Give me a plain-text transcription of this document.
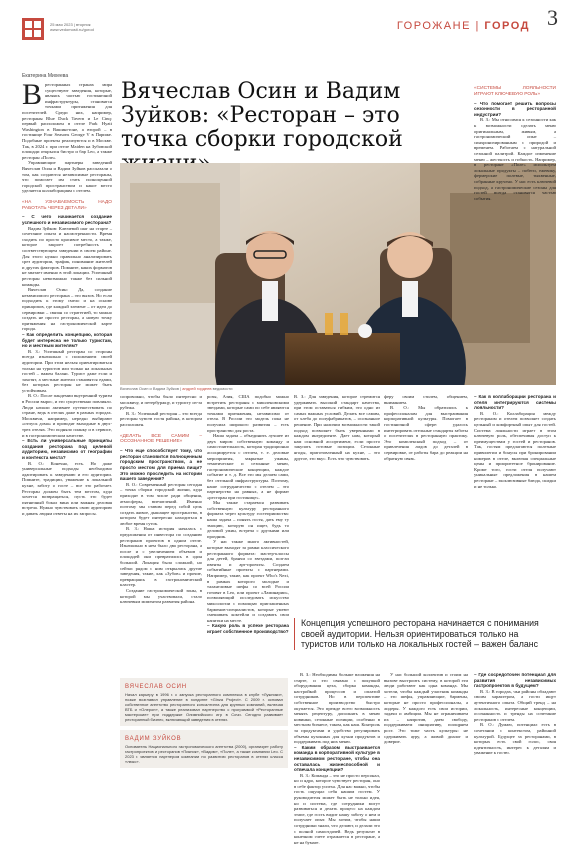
25 мая 2023 | вторник
www.vedomosti.ru/gorod	ГОРОЖАНЕ | ГОРОД 3
Екатерина Михеева
Вячеслав Осин и Вадим Зуйков: «Ресторан – это точка сборки городской
В ресторанных странах мира существуют заведения, которые, являясь частью гостиничной инфраструктуры, становятся точками притяжения для посетителей. Среди них, например, рестораны Blue Duck Tavern и Le Cinq: первый расположен в отеле Park Hyatt Washington в Вашингтоне, а второй – в гостинице Four Seasons George V в Париже. Подобные проекты реализуются и в Москве. Так, в 2024 г. при отеле Maiden на Зубовской площади открылся бистро и бар Leo, а также ресторан «Поле».

Управляющие партнеры заведений Вячеслав Осин и Вадим Зуйков рассказали о том, как создаются независимые рестораны, что помогает им стать полноценной городской пространством и какое место уделяется коллаборациям с отелем.

«НА УЗНАВАЕМОСТЬ НАДО РАБОТАТЬ ЧЕРЕЗ ДЕТАЛИ»

– С чего начинается создание успешного и независимого ресторана?

Вадим Зуйков: Ключевой шаг на старте – сочетание опыта и насмотренности. Время сходить по просто красивое место, а также, которое закроет потребность в соответствующем заведении в своем районе. Для этого нужно правильно анализировать срез аудитории, трафик, понимание жителей и других факторов. Помните, каких форматов не хватает именно в этой локации. Успешный ресторан невозможно также без сильной команды.

Вячеслав Осин: Да, создание независимого ресторана – это вызов. Но если подходить к этому смело и на основе принципов, где каждый элемент – от идеи до сервировки – связан со стратегией, то можно создать не просто ресторан, а новую точку притяжения на гастрономической карте города.

– Как определить концепцию, которая будет интересна не только туристам, но и местным жителям?

В. З.: Успешный ресторан со стороны всегда изначально с положением своей аудитории. При этом нельзя ориентироваться только на туристов или только на локальных гостей – важен баланс. Турист даже если и захотят, а местные жители становятся едами, без которых ресторан не может быть устойчивым.

В. О.: После пандемии внутренний туризм в России вырос, и это существенно повлияло. Люди начали активнее путешествовать по стране, ведь в отелях даже в разных городах. Москвичи, например, нередко выбирают «отпуск дома» и проводят выходные в двух-трех отелях. Это подняло планку и в сервисе, и в гастрономическом качестве.

– Есть ли универсальные принципы создания ресторана под целевой аудиторию, независимо от географии и контекста места?

В. О.: Конечно, есть. Но даже универсальные подходы необходимо адаптировать к заведению и его аудитории. Помните, традиции, уважение к локальной кухне, заботу о госте – все это работает. Ресторан должен быть тем местом, куда хочется возвращаться, пусть это будет пятничный бокал вина или важная деловая встреча. Нужно чувствовать свою аудиторию и давать людям ответы на их запросы.

Вячеслав Осин и Вадим Зуйков | андрей гордеев ведомости

сопровожно, чтобы было интересно и москвичу, и петербуржцу, и туристу из-за рубежа.

В. З.: Успешный ресторан – это всегда ресторан чувств гостя района, в котором расположен.

«ДЕЛАТЬ ВСЕ САМИМ – ОСОЗНАННОЕ РЕШЕНИЕ»

– Что еще способствует тому, что ресторан становится полноценным городским пространством, а не просто местом для приема пищи? Это можно проследить на истории вашего заведения?

В. О.: Современный ресторан сегодня – точка сборки городской жизни, куда приходят в том числе ради общения, атмосферы, впечатлений. Именно поэтому мы ставим перед собой цель создать живое, дышащее пространство, в котором будет интересно находиться в любое время суток.

В. З.: Наша история началась с предложения от инвестора по созданию ресторанов проектов в одном отеле. Изначально в нем было два ресторана, а после и с увеличением объемов и площадей они превратились в один большой. Локация была сложной, но сейчас рядом с ним открылись другие заведения, такие, как «Зубов» и прочие, превращаясь в гастрономический кластер.

Создание гастрономической зоны, в которой мы участвовали, стало ключевым моментом развития района.

розы, Азия, США подобно можно встретить рестораны с мишленовскими звездами, которые сами по себе являются точками притяжения, независимо от отеля. В России это модель пока не получила широкого развития – есть пространство для роста.

Наша задача – объединить лучшее из двух миров: собственную команду и самостоятельность, которая традиционно ассоциируется с отелем, т. е. деловые мероприятия, закрытые ужины, тематические и сезонные меню, гастрономические концепции, каждое событие и т. д. Все это мы делаем сами, без отельной инфраструктуры. Поэтому, наше сотрудничество с отелем – это партнерство на равных, а не формат «ресторан при гостинице».

Мы также стараемся развивать собственную культуру ресторанного формата через культуру гостеприимства: наша задача – понять гостя, дать ему ту эмоцию, которую он ищет, будь то деловой ужин, встреча с друзьями или праздник.

У нас также много активностей, которые выходят за рамки классического ресторанного формата: мастер-классы для детей, бранчи со звездами, поп-ап ивенты и арт-проекты. Создаем событийные проекты с партнерами. Например, такие, как проект Who's Next, в рамках которого молодые и талантливые шефы со всей России готовят в Leo, или проект «Ламинарии», позволяющий исследовать искусство миксологии с помощью приглашенных барменов-специалистов, которые умеют смешивать коктейли и создавать свои напитки на месте.

– Какую роль в успехе ресторана играет собственное производство?

ВЯЧЕСЛАВ ОСИН
Начал карьеру в 1996 г. с запуска ресторанного комплекса в клубе «Лужники», позже возглавил управление в холдинге «Ginza Project». С 2009 г. основал собственное агентство ресторанного консалтинга для крупных компаний, включая ВТБ и «Олерон», а также реализовал партнерство с программой «Ресторанные мастерские» при поддержке Олимпийского игр в Сочи. Сегодня развивает ресторанный бизнес, включающий заведения в отелях.
ВАДИМ ЗУЙКОВ
Основатель Национального гастрономического агентства (2000), организует работу гастропроектов и ресторанов «Пикник», «Вадим», «Поле», а также компании Leo. С 2023 г. является партнером компании по развитию ресторанов в отелях класса «люкс».

В. З.: Для заведения, которое стремится удерживать высокий стандарт качества, при этом оставаться гибким, это одно из самых важных условий. Делать все самим, от хлеба до полуфабрикатов, – осознанное решение. При наличии возможности такой подход позволяет быть уверенными в каждом ингредиенте. Дает нам, который нам основной ассортимент, если просто закупать готовые позиции. Сезонные ягоды, приготовленный на кухне, – это другое, это вкус. Есть что чувствовать.

В. З.: Необходимы больше вложения на старте, и это связано с покупкой оборудования цеха, сборка команды, настройкой процессов и оплатой сотрудников. Но в перспективе собственное производство быстро окупается. Это прежде всего возможность менять рецептуру, дополнять в меню новинки, сезонные позиции, особенно в местном бизнесе, таком, как наш. Контроль за продуктами и удобство регулировать объемы кухонных для кухни продуктов и поддерживать под них меню.

– Каким образом выстраивается команда в корпоративной культуре в независимом ресторане, чтобы она оставалась жизнеспособной и отвечала концепции?

В. З.: Команда – это не просто персонал, но и ядро, которое чувствует ресторан, оно в себе фактор успеха. Для нас важно, чтобы гость ощущал себя нашим гостем. У руководителя может быть не только идея, но и система, где сотрудники могут развиваться и делать процесс на каждом этапе, где гость видит нашу заботу о нем и получает опыт. Мы хотим, чтобы наши сотрудники знали, что делают, и делали это с полной самоотдачей. Ведь результат в конечном счете отражается в ресторане, а не на бумаге.

феру своим стилем, общением, вниманием.

В. О.: Мы обратились к профессионалам для выстраивания корпоративной культуры. Помогает в гостиничной сфере: удалось интегрировать отельные стандарты заботы о посетителях в ресторанную практику. Это комплексный подход – от привлечения лидов до деталей в сервировке, от работы бара до реакции на обратную связь.

У нас большой коллектив и стоим на вызове выстроить систему, в которой эти люди работают как одна команда. Мы хотели, чтобы каждый участник команды – это шефы, управляющие, бармены, которые не просто профессионалы, а лидеры. У каждого есть свои истории, задачи и амбиции. Мы не ограничиваем их – напротив, даем свободу, поддерживаем инициативу, поощряем рост. Это тоже часть культуры: не сдерживать ауру, а живой диалог и доверие.

Концепция успешного ресторана начинается с понимания своей аудитории. Нельзя ориентироваться только на туристов или только на локальных гостей – важен баланс
«СИСТЕМЫ ЛОЯЛЬНОСТИ ИГРАЮТ КЛЮЧЕВУЮ РОЛЬ»

– Что помогает решить вопросы сезонности в ресторанной индустрии?

В. З.: Мы относимся к сезонности как к возможности сделать меню оригинальным, живым, а гастрономический опыт – синхронизированным с природой и временем. Работаем с натуральной сезонной палитрой. Каждое изменение меню – жесткость и гибкость. Например, в ресторане «Поле» используем локальные продукты – побеги, ежевику, фермерские полевые, тыквенные, собранные кручено. У нас есть ключевой подход, а гастрономические сезоны для гостей всегда становятся частью события.

– Как в коллаборации ресторана и отеля интегрируются системы лояльности?

В. О.: Коллаборация между рестораном и отелем позволяет создать цельный и комфортный опыт для гостей. Система лояльности играет в этом ключевую роль, обеспечивая доступ к преимуществам у гостей и ресторанов. Так, гостям предлагаются полезные привилегии и бонусы при бронировании номеров в отеле, включая специальные цены и приоритетное бронирование. Кроме того, гости отеля получают уникальные предложения в нашем ресторане – эксклюзивные блюда, скидки и не только.

– Где сосредоточен потенциал для развития независимых гастропроектов в будущем?

В. З.: В городах, чьи районы обладают своим характером, а гости ищут аутентичного опыта. Общий тренд – на локальность, интересные концепции, осознанность и тренды на сочетание ресторанов с отелем.

В. О.: Думаю, потенциал есть в сочетании с контекстом, районной культурой. Будущее за ресторанами, в которых есть свой голос, своя идентичность, интерес к деталям и уважение к гостю.
